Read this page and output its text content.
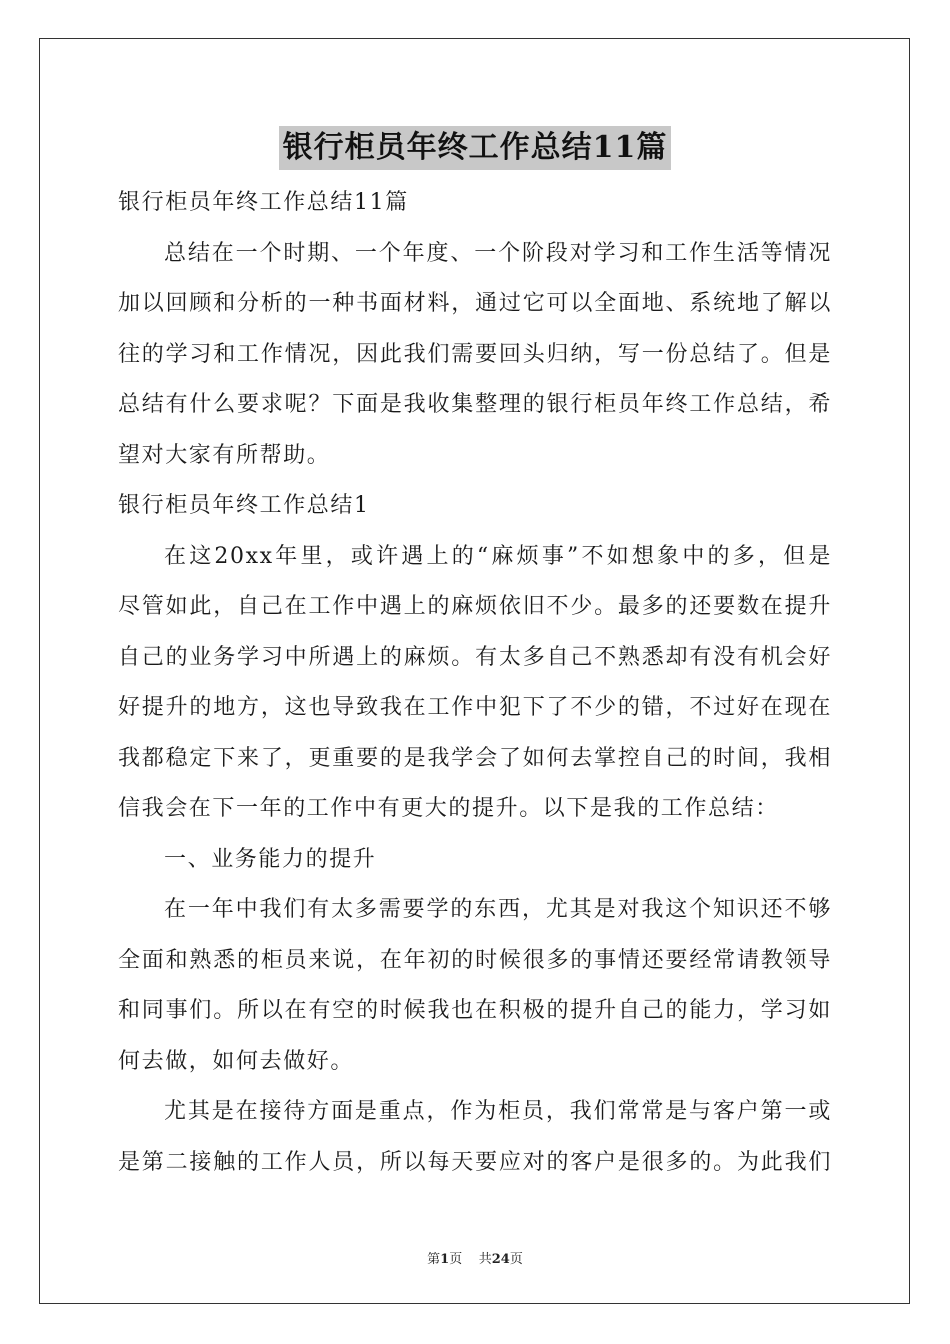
银行柜员年终工作总结11篇
银行柜员年终工作总结11篇
总结在一个时期、一个年度、一个阶段对学习和工作生活等情况
加以回顾和分析的一种书面材料，通过它可以全面地、系统地了解以
往的学习和工作情况，因此我们需要回头归纳，写一份总结了。但是
总结有什么要求呢？下面是我收集整理的银行柜员年终工作总结，希
望对大家有所帮助。
银行柜员年终工作总结1
在这20xx年里，或许遇上的“麻烦事”不如想象中的多，但是
尽管如此，自己在工作中遇上的麻烦依旧不少。最多的还要数在提升
自己的业务学习中所遇上的麻烦。有太多自己不熟悉却有没有机会好
好提升的地方，这也导致我在工作中犯下了不少的错，不过好在现在
我都稳定下来了，更重要的是我学会了如何去掌控自己的时间，我相
信我会在下一年的工作中有更大的提升。以下是我的工作总结：
一、业务能力的提升
在一年中我们有太多需要学的东西，尤其是对我这个知识还不够
全面和熟悉的柜员来说，在年初的时候很多的事情还要经常请教领导
和同事们。所以在有空的时候我也在积极的提升自己的能力，学习如
何去做，如何去做好。
尤其是在接待方面是重点，作为柜员，我们常常是与客户第一或
是第二接触的工作人员，所以每天要应对的客户是很多的。为此我们
第1页 共24页
